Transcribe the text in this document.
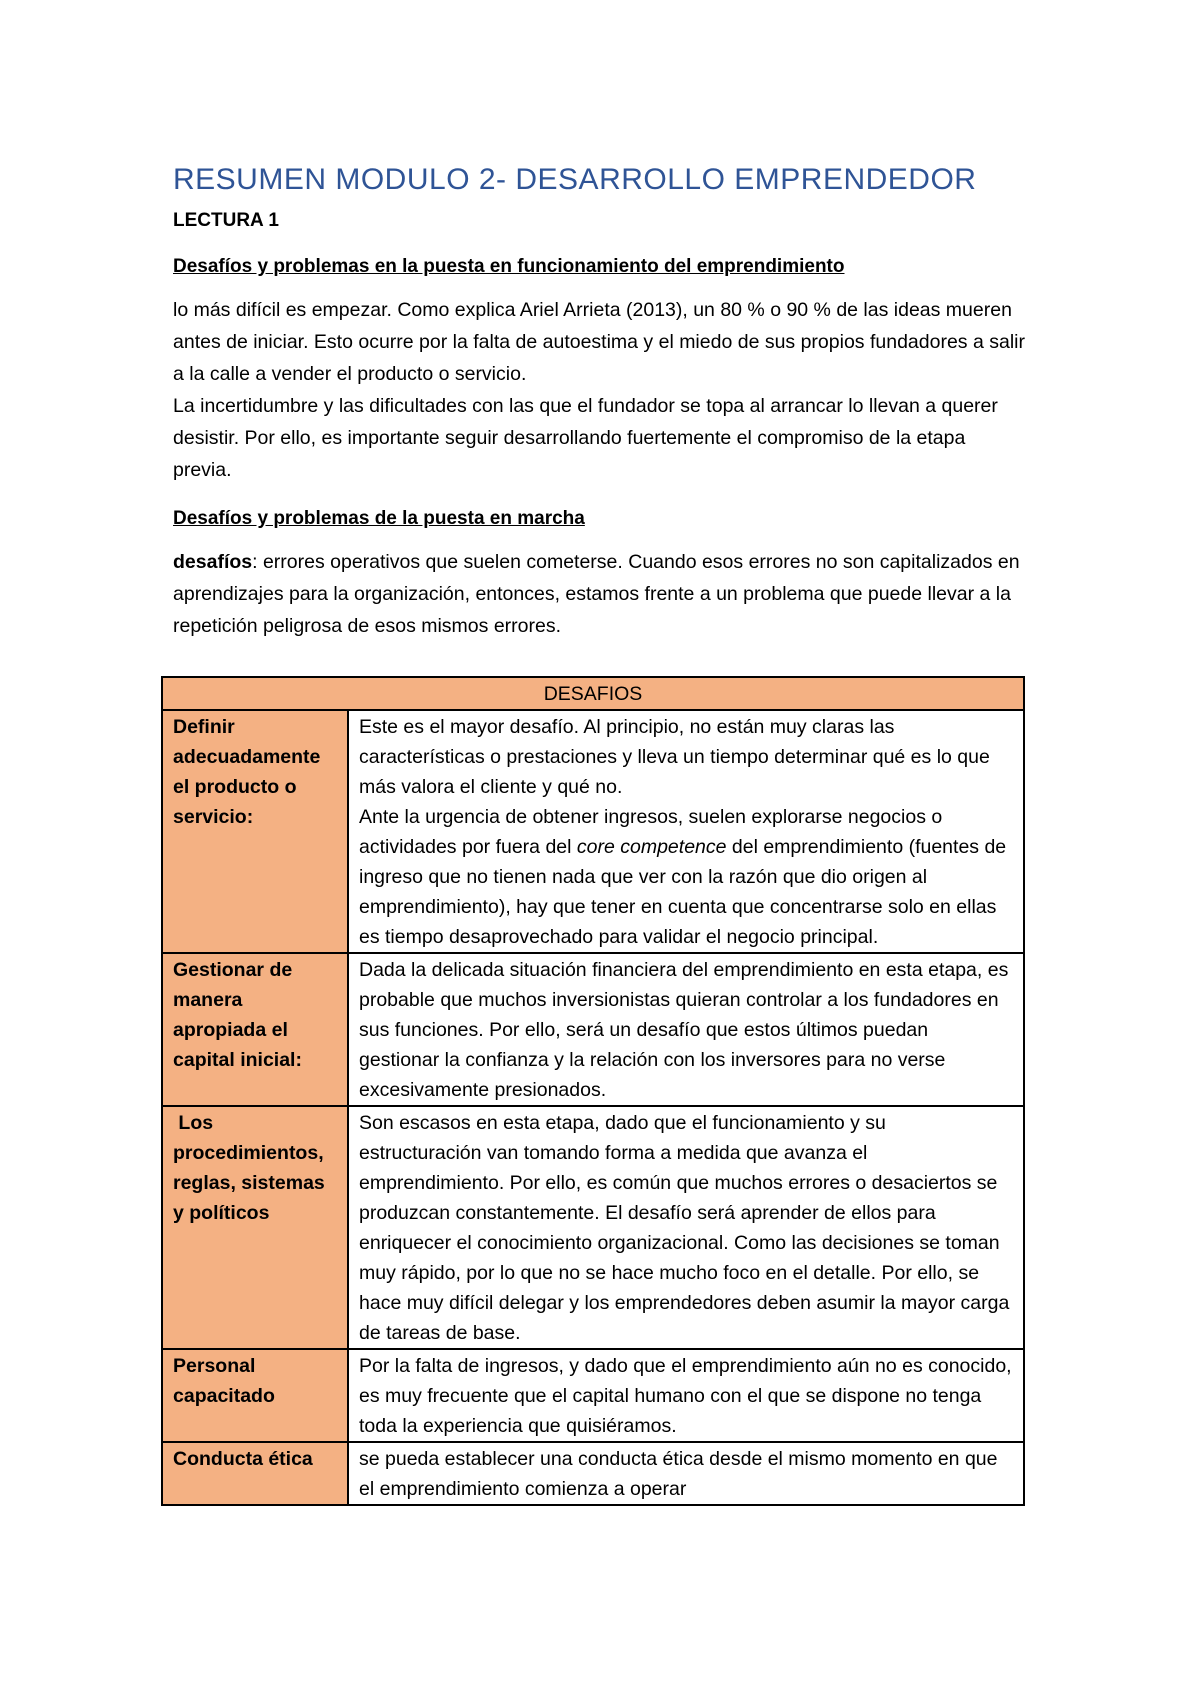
RESUMEN MODULO 2- DESARROLLO EMPRENDEDOR
LECTURA 1
Desafíos y problemas en la puesta en funcionamiento del emprendimiento

lo más difícil es empezar. Como explica Ariel Arrieta (2013), un 80 % o 90 % de las ideas mueren antes de iniciar. Esto ocurre por la falta de autoestima y el miedo de sus propios fundadores a salir a la calle a vender el producto o servicio.

La incertidumbre y las dificultades con las que el fundador se topa al arrancar lo llevan a querer desistir. Por ello, es importante seguir desarrollando fuertemente el compromiso de la etapa previa.

Desafíos y problemas de la puesta en marcha

desafíos: errores operativos que suelen cometerse. Cuando esos errores no son capitalizados en aprendizajes para la organización, entonces, estamos frente a un problema que puede llevar a la repetición peligrosa de esos mismos errores.

DESAFIOS	
Definir adecuadamente el producto o servicio:	Este es el mayor desafío. Al principio, no están muy claras las características o prestaciones y lleva un tiempo determinar qué es lo que más valora el cliente y qué no.
Ante la urgencia de obtener ingresos, suelen explorarse negocios o actividades por fuera del core competence del emprendimiento (fuentes de ingreso que no tienen nada que ver con la razón que dio origen al emprendimiento), hay que tener en cuenta que concentrarse solo en ellas es tiempo desaprovechado para validar el negocio principal.

Gestionar de manera apropiada el capital inicial:	Dada la delicada situación financiera del emprendimiento en esta etapa, es probable que muchos inversionistas quieran controlar a los fundadores en sus funciones. Por ello, será un desafío que estos últimos puedan gestionar la confianza y la relación con los inversores para no verse excesivamente presionados.
Los procedimientos, reglas, sistemas y políticos	Son escasos en esta etapa, dado que el funcionamiento y su estructuración van tomando forma a medida que avanza el emprendimiento. Por ello, es común que muchos errores o desaciertos se produzcan constantemente. El desafío será aprender de ellos para enriquecer el conocimiento organizacional. Como las decisiones se toman muy rápido, por lo que no se hace mucho foco en el detalle. Por ello, se hace muy difícil delegar y los emprendedores deben asumir la mayor carga de tareas de base.
Personal capacitado	Por la falta de ingresos, y dado que el emprendimiento aún no es conocido, es muy frecuente que el capital humano con el que se dispone no tenga toda la experiencia que quisiéramos.
Conducta ética	se pueda establecer una conducta ética desde el mismo momento en que el emprendimiento comienza a operar
